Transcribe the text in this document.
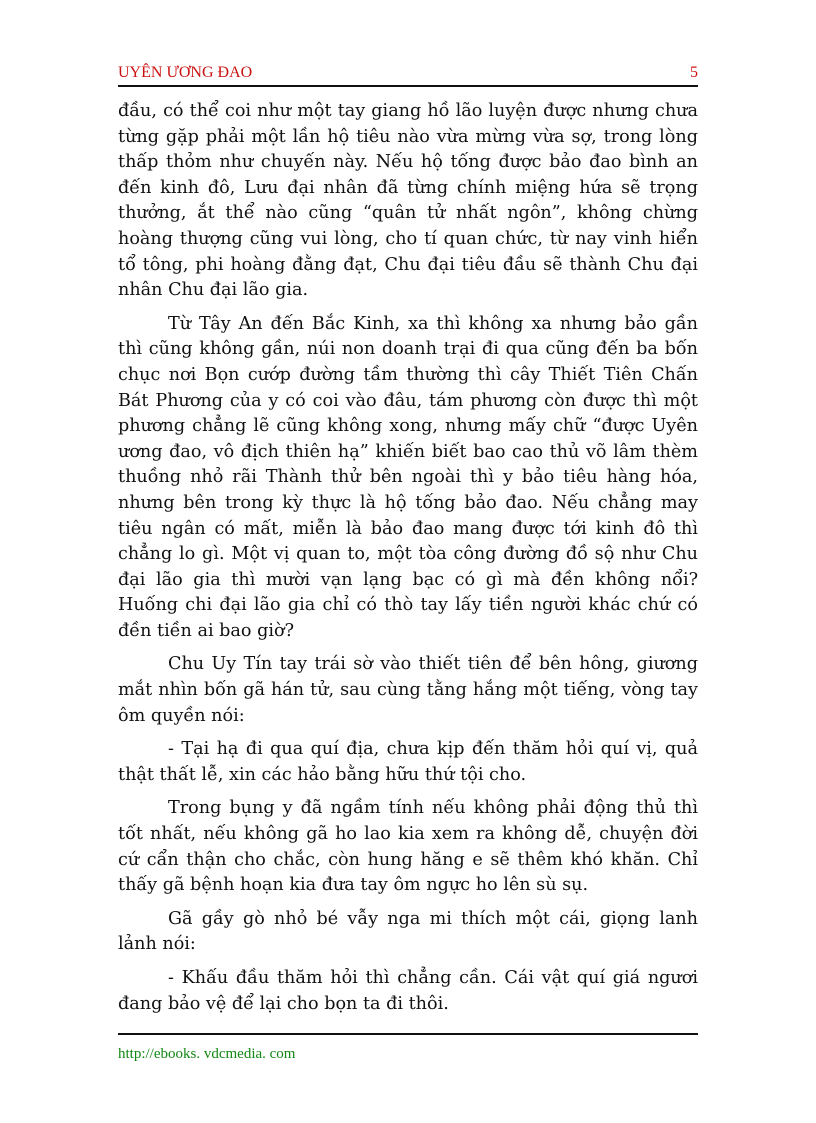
UYÊN ƯƠNG ĐAO	5

đầu, có thể coi như một tay giang hồ lão luyện được nhưng chưa từng gặp phải một lần hộ tiêu nào vừa mừng vừa sợ, trong lòng thấp thỏm như chuyến này. Nếu hộ tống được bảo đao bình an đến kinh đô, Lưu đại nhân đã từng chính miệng hứa sẽ trọng thưởng, ắt thể nào cũng “quân tử nhất ngôn”, không chừng hoàng thượng cũng vui lòng, cho tí quan chức, từ nay vinh hiển tổ tông, phi hoàng đằng đạt, Chu đại tiêu đầu sẽ thành Chu đại nhân Chu đại lão gia.

Từ Tây An đến Bắc Kinh, xa thì không xa nhưng bảo gần thì cũng không gần, núi non doanh trại đi qua cũng đến ba bốn chục nơi Bọn cướp đường tầm thường thì cây Thiết Tiên Chấn Bát Phương của y có coi vào đâu, tám phương còn được thì một phương chẳng lẽ cũng không xong, nhưng mấy chữ “được Uyên ương đao, vô địch thiên hạ” khiến biết bao cao thủ võ lâm thèm thuồng nhỏ rãi Thành thử bên ngoài thì y bảo tiêu hàng hóa, nhưng bên trong kỳ thực là hộ tống bảo đao. Nếu chẳng may tiêu ngân có mất, miễn là bảo đao mang được tới kinh đô thì chẳng lo gì. Một vị quan to, một tòa công đường đồ sộ như Chu đại lão gia thì mười vạn lạng bạc có gì mà đền không nổi? Huống chi đại lão gia chỉ có thò tay lấy tiền người khác chứ có đền tiền ai bao giờ?

Chu Uy Tín tay trái sờ vào thiết tiên để bên hông, giương mắt nhìn bốn gã hán tử, sau cùng tằng hắng một tiếng, vòng tay ôm quyền nói:

- Tại hạ đi qua quí địa, chưa kịp đến thăm hỏi quí vị, quả thật thất lễ, xin các hảo bằng hữu thứ tội cho.

Trong bụng y đã ngầm tính nếu không phải động thủ thì tốt nhất, nếu không gã ho lao kia xem ra không dễ, chuyện đời cứ cẩn thận cho chắc, còn hung hăng e sẽ thêm khó khăn. Chỉ thấy gã bệnh hoạn kia đưa tay ôm ngực ho lên sù sụ.

Gã gầy gò nhỏ bé vẫy nga mi thích một cái, giọng lanh lảnh nói:

- Khấu đầu thăm hỏi thì chẳng cần. Cái vật quí giá ngươi đang bảo vệ để lại cho bọn ta đi thôi.

http://ebooks. vdcmedia. com
